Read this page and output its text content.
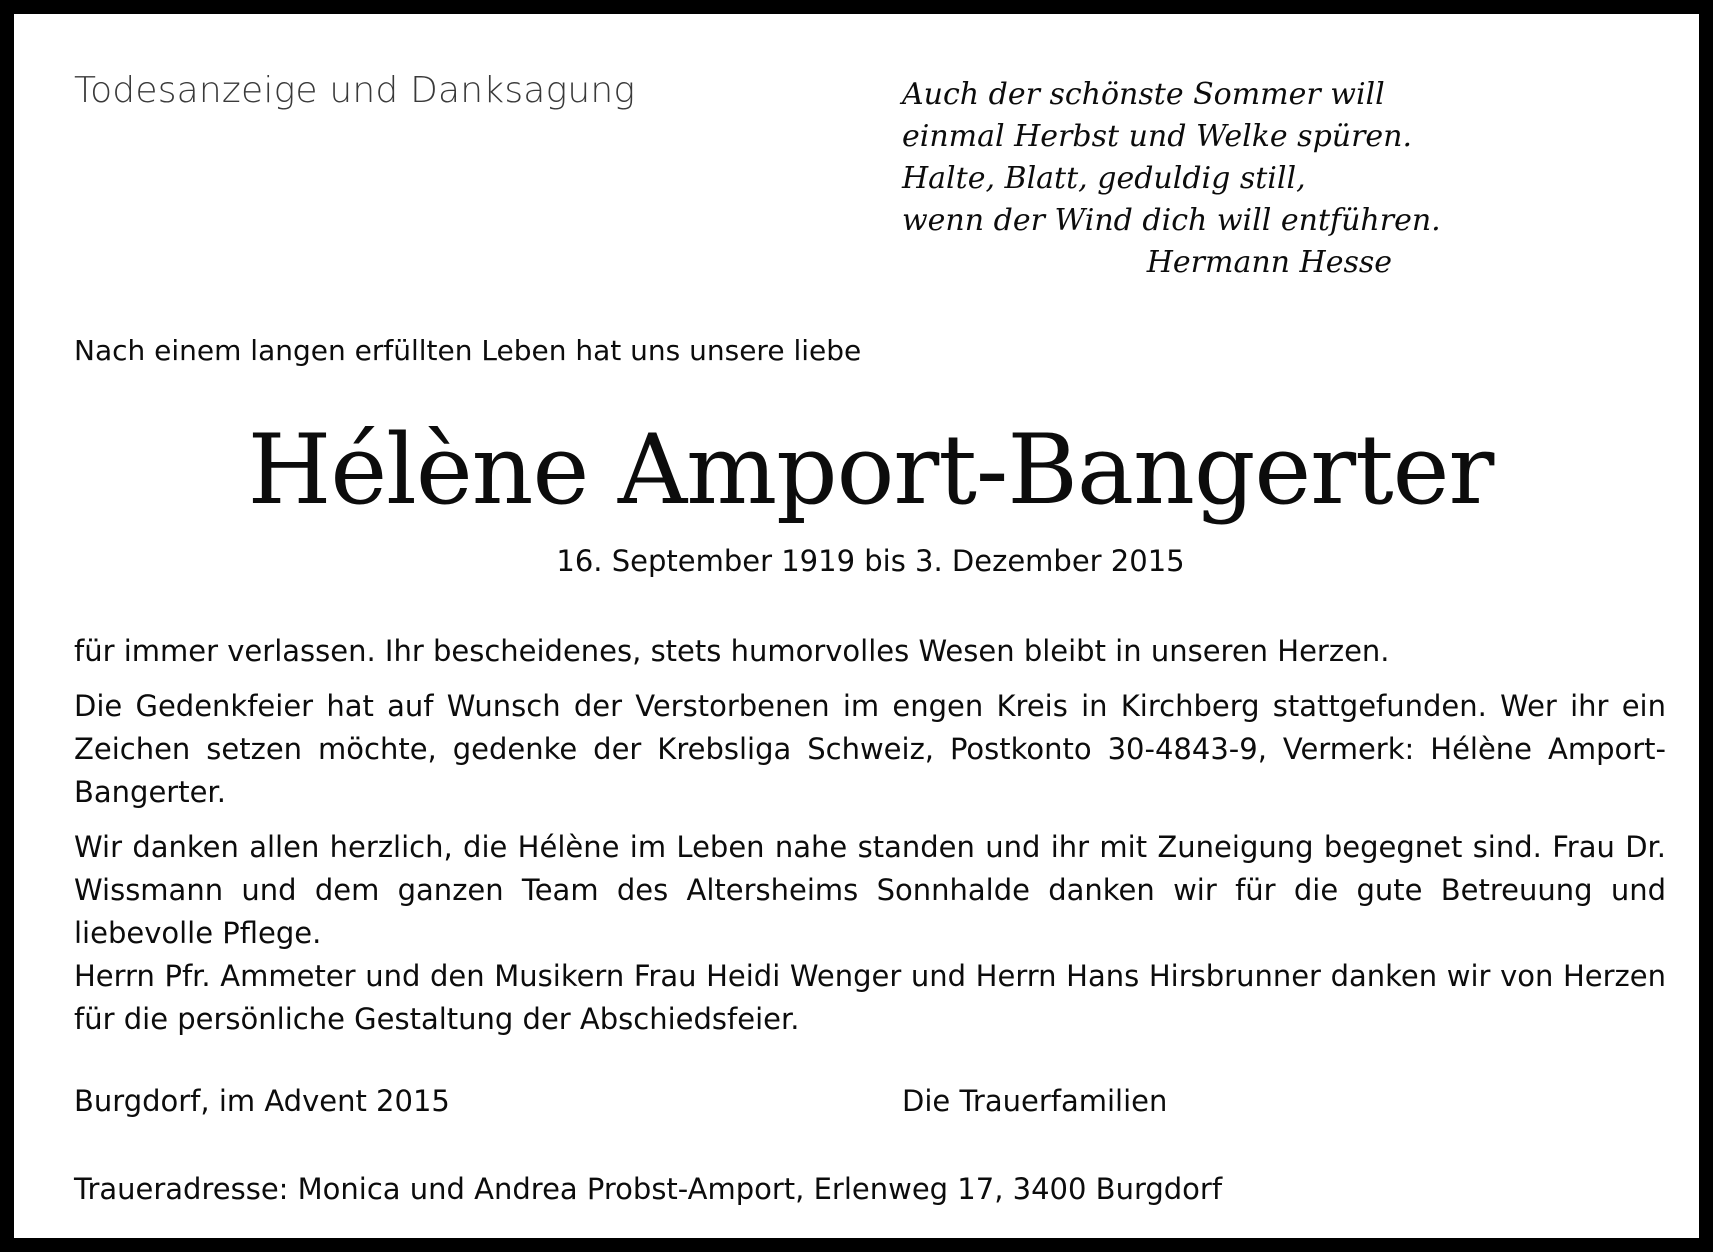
Todesanzeige und Danksagung	Auch der schönste Sommer will
einmal Herbst und Welke spüren.
Halte, Blatt, geduldig still,
wenn der Wind dich will entführen.
Hermann Hesse
Nach einem langen erfüllten Leben hat uns unsere liebe
Hélène Amport-Bangerter
16. September 1919 bis 3. Dezember 2015

für immer verlassen. Ihr bescheidenes, stets humorvolles Wesen bleibt in unseren Herzen.

Die Gedenkfeier hat auf Wunsch der Verstorbenen im engen Kreis in Kirchberg stattgefunden. Wer ihr ein Zeichen setzen möchte, gedenke der Krebsliga Schweiz, Postkonto 30-4843-9, Vermerk: Hélène Amport-Bangerter.

Wir danken allen herzlich, die Hélène im Leben nahe standen und ihr mit Zuneigung begegnet sind. Frau Dr. Wissmann und dem ganzen Team des Altersheims Sonnhalde danken wir für die gute Betreuung und liebevolle Pflege.

Herrn Pfr. Ammeter und den Musikern Frau Heidi Wenger und Herrn Hans Hirsbrunner danken wir von Herzen für die persönliche Gestaltung der Abschiedsfeier.

Burgdorf, im Advent 2015	Die Trauerfamilien
Traueradresse: Monica und Andrea Probst-Amport, Erlenweg 17, 3400 Burgdorf
